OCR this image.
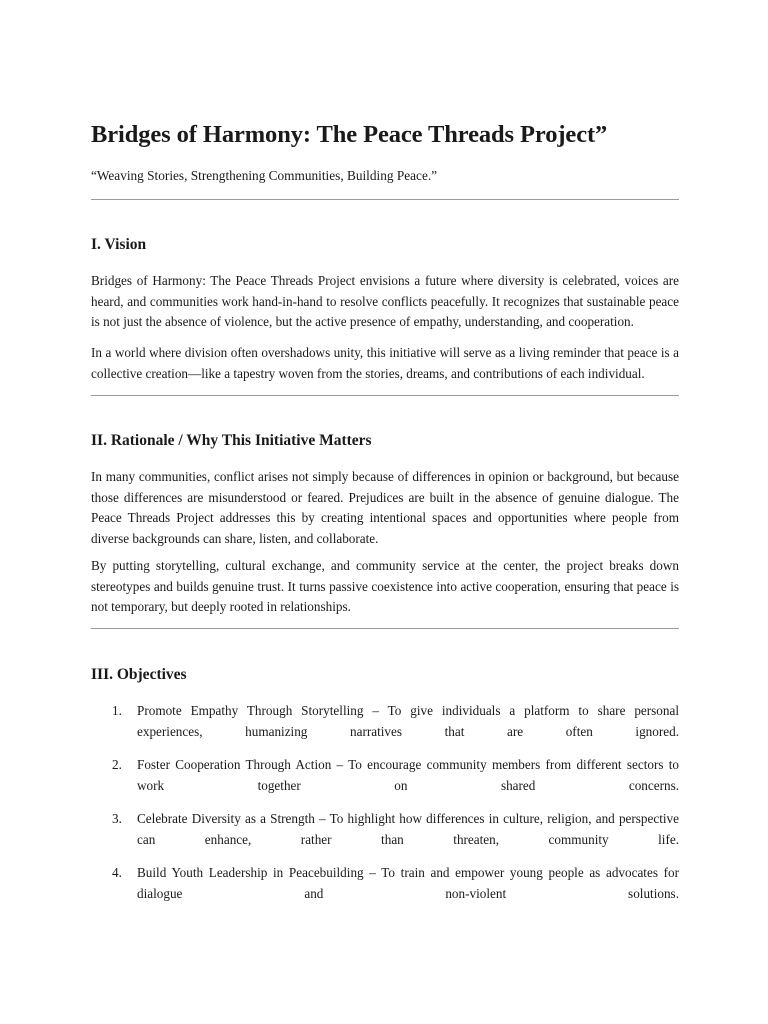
Bridges of Harmony: The Peace Threads Project”

“Weaving Stories, Strengthening Communities, Building Peace.”

I. Vision

Bridges of Harmony: The Peace Threads Project envisions a future where diversity is celebrated, voices are heard, and communities work hand-in-hand to resolve conflicts peacefully. It recognizes that sustainable peace is not just the absence of violence, but the active presence of empathy, understanding, and cooperation.

In a world where division often overshadows unity, this initiative will serve as a living reminder that peace is a collective creation—like a tapestry woven from the stories, dreams, and contributions of each individual.

II. Rationale / Why This Initiative Matters

In many communities, conflict arises not simply because of differences in opinion or background, but because those differences are misunderstood or feared. Prejudices are built in the absence of genuine dialogue. The Peace Threads Project addresses this by creating intentional spaces and opportunities where people from diverse backgrounds can share, listen, and collaborate.

By putting storytelling, cultural exchange, and community service at the center, the project breaks down stereotypes and builds genuine trust. It turns passive coexistence into active cooperation, ensuring that peace is not temporary, but deeply rooted in relationships.

III. Objectives
1. Promote Empathy Through Storytelling – To give individuals a platform to share personal experiences, humanizing narratives that are often ignored.
2. Foster Cooperation Through Action – To encourage community members from different sectors to work together on shared concerns.
3. Celebrate Diversity as a Strength – To highlight how differences in culture, religion, and perspective can enhance, rather than threaten, community life.
4. Build Youth Leadership in Peacebuilding – To train and empower young people as advocates for dialogue and non-violent solutions.
